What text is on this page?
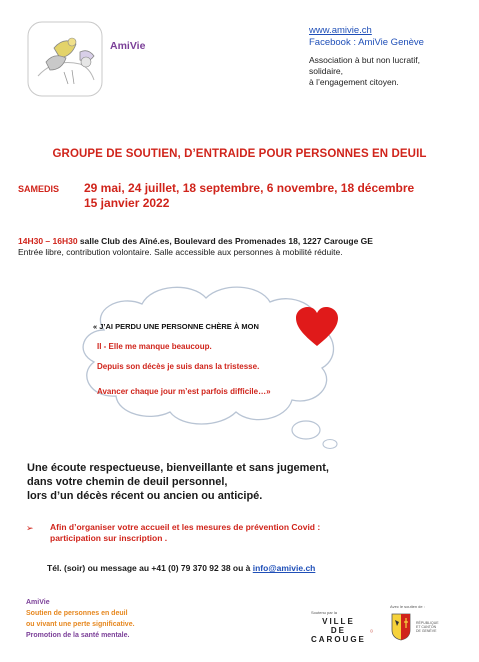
AmiVie
www.amivie.ch
Facebook : AmiVie Genève
Association à but non lucratif,
solidaire,
à l’engagement citoyen.
GROUPE DE SOUTIEN, D’ENTRAIDE POUR PERSONNES EN DEUIL
SAMEDIS 29 mai, 24 juillet, 18 septembre, 6 novembre, 18 décembre
15 janvier 2022
14H30 – 16H30 salle Club des Aîné.es, Boulevard des Promenades 18, 1227 Carouge GE
Entrée libre, contribution volontaire. Salle accessible aux personnes à mobilité réduite.
« J’AI PERDU UNE PERSONNE CHÈRE À MON
Il - Elle me manque beaucoup.
Depuis son décès je suis dans la tristesse.
Avancer chaque jour m’est parfois difficile…»
Une écoute respectueuse, bienveillante et sans jugement,
dans votre chemin de deuil personnel,
lors d’un décès récent ou ancien ou anticipé.
➢ Afin d’organiser votre accueil et les mesures de prévention Covid :
participation sur inscription .
Tél. (soir) ou message au +41 (0) 79 370 92 38 ou à info@amivie.ch
AmiVie
Soutien de personnes en deuil
ou vivant une perte significative.
Promotion de la santé mentale.
Soutenu par la
VILLE
DE
CAROUGE
Avec le soutien de :
RÉPUBLIQUE
ET CANTON
DE GENÈVE
